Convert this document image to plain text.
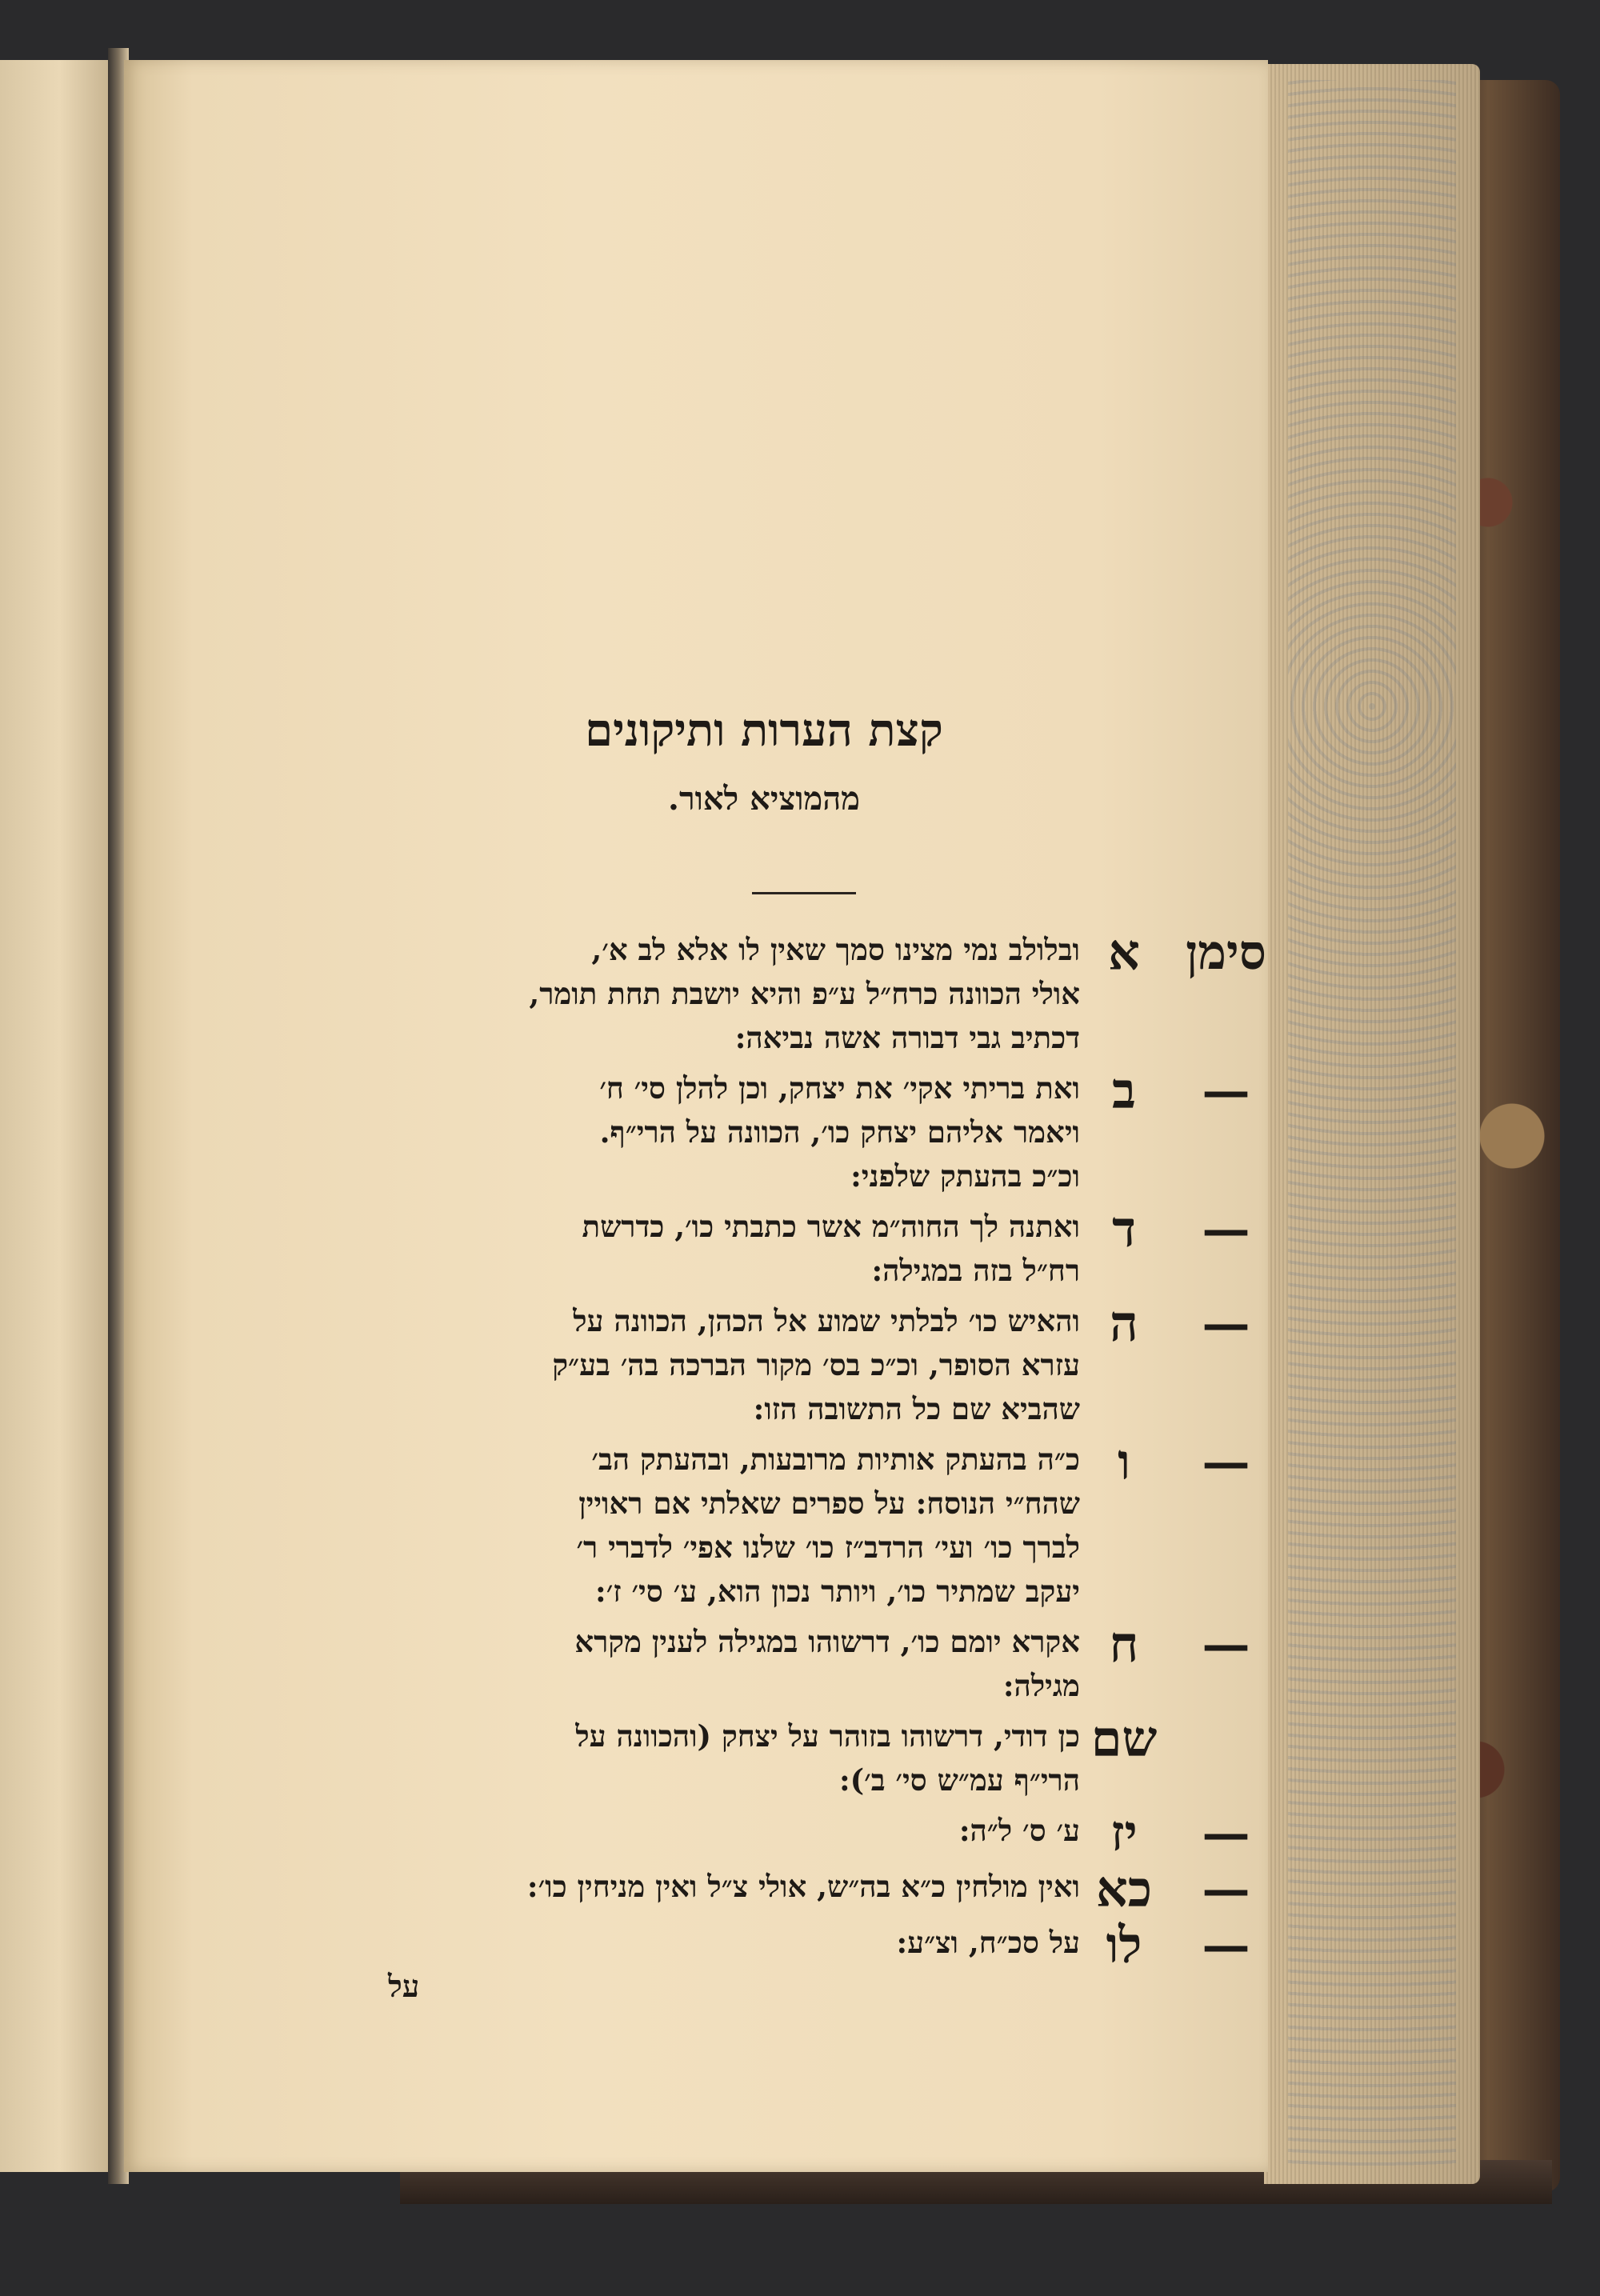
קצת הערות ותיקונים
מהמוציא לאור.
סימן
א
ובלולב נמי מצינו סמך שאין לו אלא לב א׳,
אולי הכוונה כרח״ל ע״פ והיא יושבת תחת תומר,
דכתיב גבי דבורה אשה נביאה:
—
ב
ואת בריתי אקי׳ את יצחק, וכן להלן סי׳ ח׳
ויאמר אליהם יצחק כו׳, הכוונה על הרי״ף.
וכ״כ בהעתק שלפני:
—
ד
ואתנה לך החוה״מ אשר כתבתי כו׳, כדרשת
רח״ל בזה במגילה:
—
ה
והאיש כו׳ לבלתי שמוע אל הכהן, הכוונה על
עזרא הסופר, וכ״כ בס׳ מקור הברכה בה׳ בע״ק
שהביא שם כל התשובה הזו:
—
ו
כ״ה בהעתק אותיות מרובעות, ובהעתק הב׳
שהח״י הנוסח: על ספרים שאלתי אם ראויין
לברך כו׳ ועי׳ הרדב״ז כו׳ שלנו אפי׳ לדברי ר׳
יעקב שמתיר כו׳, ויותר נכון הוא, ע׳ סי׳ ז׳:
—
ח
אקרא יומם כו׳, דרשוהו במגילה לענין מקרא
מגילה:
שם
כן דודי, דרשוהו בזוהר על יצחק (והכוונה על
הרי״ף עמ״ש סי׳ ב׳):
—
יז
ע׳ ס׳ ל״ה:
—
כא
ואין מולחין כ״א בה״ש, אולי צ״ל ואין מניחין כו׳:
—
לו
על סכ״ח, וצ״ע:
על
